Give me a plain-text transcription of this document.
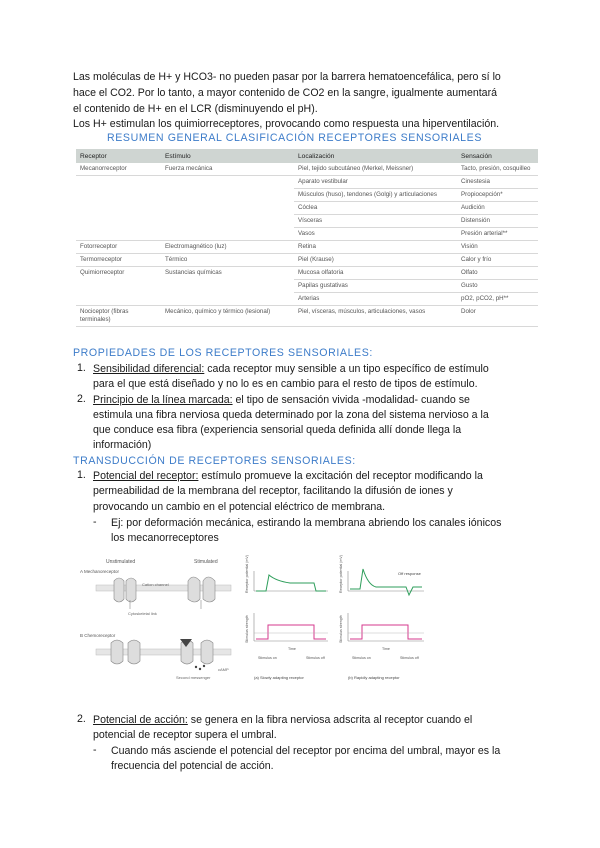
Las moléculas de H+ y HCO3- no pueden pasar por la barrera hematoencefálica, pero sí lo
hace el CO2. Por lo tanto, a mayor contenido de CO2 en la sangre, igualmente aumentará
el contenido de H+ en el LCR (disminuyendo el pH).
Los H+ estimulan los quimiorreceptores, provocando como respuesta una hiperventilación.
RESUMEN GENERAL CLASIFICACIÓN RECEPTORES SENSORIALES
Receptor	Estímulo	Localización	Sensación
Mecanorreceptor	Fuerza mecánica	Piel, tejido subcutáneo (Merkel, Meissner)	Tacto, presión, cosquilleo
		Aparato vestibular	Cinestesia
		Músculos (huso), tendones (Golgi) y articulaciones	Propiocepción*
		Cóclea	Audición
		Vísceras	Distensión
		Vasos	Presión arterial**
Fotorreceptor	Electromagnético (luz)	Retina	Visión
Termorreceptor	Térmico	Piel (Krause)	Calor y frío
Quimiorreceptor	Sustancias químicas	Mucosa olfatoria	Olfato
		Papilas gustativas	Gusto
		Arterias	pO2, pCO2, pH**
Nociceptor (fibras terminales)	Mecánico, químico y térmico (lesional)	Piel, vísceras, músculos, articulaciones, vasos	Dolor
PROPIEDADES DE LOS RECEPTORES SENSORIALES:
1. Sensibilidad diferencial: cada receptor muy sensible a un tipo específico de estímulo
para el que está diseñado y no lo es en cambio para el resto de tipos de estímulo.
2. Principio de la línea marcada: el tipo de sensación vivida -modalidad- cuando se
estimula una fibra nerviosa queda determinado por la zona del sistema nervioso a la
que conduce esa fibra (experiencia sensorial queda definida allí donde llega la
información)
TRANSDUCCIÓN DE RECEPTORES SENSORIALES:
1. Potencial del receptor: estímulo promueve la excitación del receptor modificando la
permeabilidad de la membrana del receptor, facilitando la difusión de iones y
provocando un cambio en el potencial eléctrico de membrana.
- Ej: por deformación mecánica, estirando la membrana abriendo los canales iónicos
los mecanorreceptores
Unstimulated	Stimulated
A Mechanoreceptor
B Chemoreceptor
Cation channel
Cytoskeletal link
Second messenger
cAMP
Receptor potential (mV)
Stimulus strength
Time
Stimulus on	Stimulus off
(a) Slowly adapting receptor
Off response
Receptor potential (mV)
Stimulus strength
Time
Stimulus on	Stimulus off
(b) Rapidly adapting receptor
2. Potencial de acción: se genera en la fibra nerviosa adscrita al receptor cuando el
potencial de receptor supera el umbral.
- Cuando más asciende el potencial del receptor por encima del umbral, mayor es la
frecuencia del potencial de acción.
